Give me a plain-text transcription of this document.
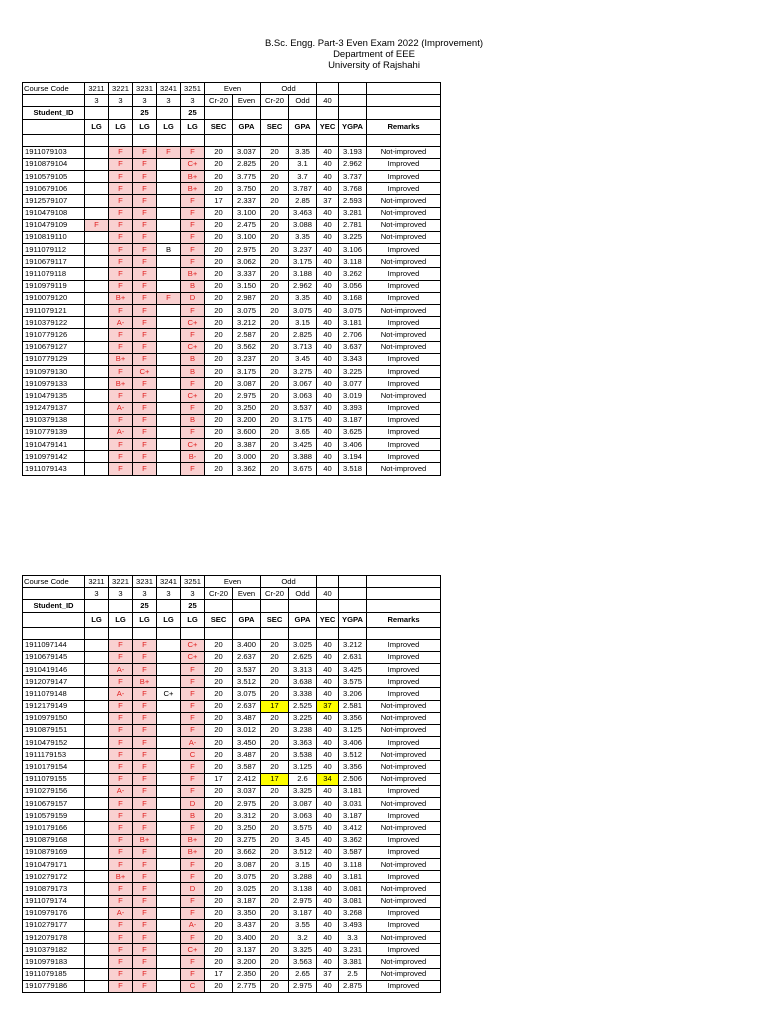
B.Sc. Engg. Part-3 Even Exam 2022 (Improvement)
Department of EEE
University of Rajshahi
Course Code	3211	3221	3231	3241	3251	Even		Odd				
	3	3	3	3	3	Cr-20	Even	Cr-20	Odd	40		
Student_ID			25		25							
	LG	LG	LG	LG	LG	SEC	GPA	SEC	GPA	YEC	YGPA	Remarks

1911079103		F	F	F	F	20	3.037	20	3.35	40	3.193	Not-improved
1910879104		F	F		C+	20	2.825	20	3.1	40	2.962	Improved
1910579105		F	F		B+	20	3.775	20	3.7	40	3.737	Improved
1910679106		F	F		B+	20	3.750	20	3.787	40	3.768	Improved
1912579107		F	F		F	17	2.337	20	2.85	37	2.593	Not-improved
1910479108		F	F		F	20	3.100	20	3.463	40	3.281	Not-improved
1910479109	F	F	F		F	20	2.475	20	3.088	40	2.781	Not-improved
1910819110		F	F		F	20	3.100	20	3.35	40	3.225	Not-improved
1911079112		F	F	B	F	20	2.975	20	3.237	40	3.106	Improved
1910679117		F	F		F	20	3.062	20	3.175	40	3.118	Not-improved
1911079118		F	F		B+	20	3.337	20	3.188	40	3.262	Improved
1910979119		F	F		B	20	3.150	20	2.962	40	3.056	Improved
1910079120		B+	F	F	D	20	2.987	20	3.35	40	3.168	Improved
1911079121		F	F		F	20	3.075	20	3.075	40	3.075	Not-improved
1910379122		A-	F		C+	20	3.212	20	3.15	40	3.181	Improved
1910779126		F	F		F	20	2.587	20	2.825	40	2.706	Not-improved
1910679127		F	F		C+	20	3.562	20	3.713	40	3.637	Not-improved
1910779129		B+	F		B	20	3.237	20	3.45	40	3.343	Improved
1910979130		F	C+		B	20	3.175	20	3.275	40	3.225	Improved
1910979133		B+	F		F	20	3.087	20	3.067	40	3.077	Improved
1910479135		F	F		C+	20	2.975	20	3.063	40	3.019	Not-improved
1912479137		A-	F		F	20	3.250	20	3.537	40	3.393	Improved
1910379138		F	F		B	20	3.200	20	3.175	40	3.187	Improved
1910779139		A-	F		F	20	3.600	20	3.65	40	3.625	Improved
1910479141		F	F		C+	20	3.387	20	3.425	40	3.406	Improved
1910979142		F	F		B-	20	3.000	20	3.388	40	3.194	Improved
1911079143		F	F		F	20	3.362	20	3.675	40	3.518	Not-improved
Course Code	3211	3221	3231	3241	3251	Even		Odd				
	3	3	3	3	3	Cr-20	Even	Cr-20	Odd	40		
Student_ID			25		25							
	LG	LG	LG	LG	LG	SEC	GPA	SEC	GPA	YEC	YGPA	Remarks

1911097144		F	F		C+	20	3.400	20	3.025	40	3.212	Improved
1910679145		F	F		C+	20	2.637	20	2.625	40	2.631	Improved
1910419146		A-	F		F	20	3.537	20	3.313	40	3.425	Improved
1912079147		F	B+		F	20	3.512	20	3.638	40	3.575	Improved
1911079148		A-	F	C+	F	20	3.075	20	3.338	40	3.206	Improved
1912179149		F	F		F	20	2.637	17	2.525	37	2.581	Not-improved
1910979150		F	F		F	20	3.487	20	3.225	40	3.356	Not-improved
1910879151		F	F		F	20	3.012	20	3.238	40	3.125	Not-improved
1910479152		F	F		A-	20	3.450	20	3.363	40	3.406	Improved
1911179153		F	F		C	20	3.487	20	3.538	40	3.512	Not-improved
1910179154		F	F		F	20	3.587	20	3.125	40	3.356	Not-improved
1911079155		F	F		F	17	2.412	17	2.6	34	2.506	Not-improved
1910279156		A-	F		F	20	3.037	20	3.325	40	3.181	Improved
1910679157		F	F		D	20	2.975	20	3.087	40	3.031	Not-improved
1910579159		F	F		B	20	3.312	20	3.063	40	3.187	Improved
1910179166		F	F		F	20	3.250	20	3.575	40	3.412	Not-improved
1910879168		F	B+		B+	20	3.275	20	3.45	40	3.362	Improved
1910879169		F	F		B+	20	3.662	20	3.512	40	3.587	Improved
1910479171		F	F		F	20	3.087	20	3.15	40	3.118	Not-improved
1910279172		B+	F		F	20	3.075	20	3.288	40	3.181	Improved
1910879173		F	F		D	20	3.025	20	3.138	40	3.081	Not-improved
1911079174		F	F		F	20	3.187	20	2.975	40	3.081	Not-improved
1910979176		A-	F		F	20	3.350	20	3.187	40	3.268	Improved
1910279177		F	F		A-	20	3.437	20	3.55	40	3.493	Improved
1912079178		F	F		F	20	3.400	20	3.2	40	3.3	Not-improved
1910379182		F	F		C+	20	3.137	20	3.325	40	3.231	Improved
1910979183		F	F		F	20	3.200	20	3.563	40	3.381	Not-improved
1911079185		F	F		F	17	2.350	20	2.65	37	2.5	Not-improved
1910779186		F	F		C	20	2.775	20	2.975	40	2.875	Improved
